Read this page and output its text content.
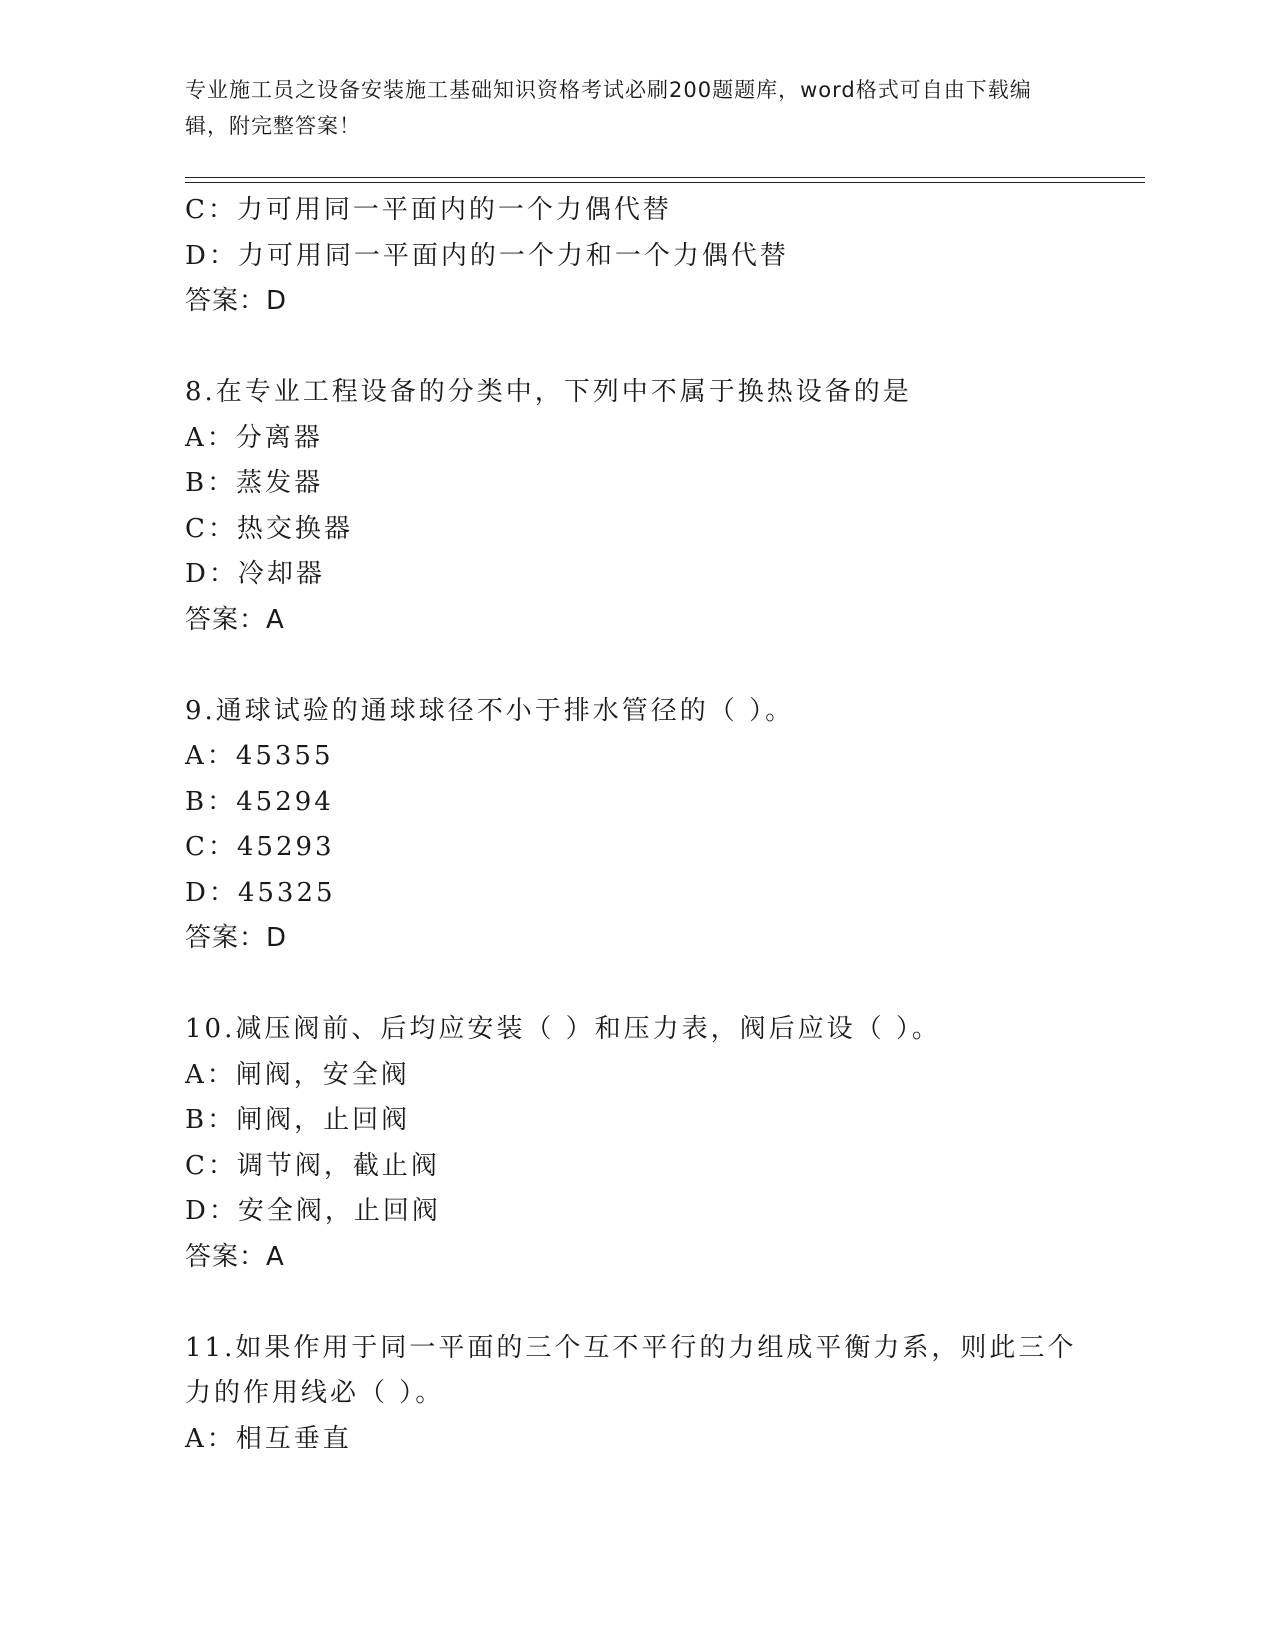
专业施工员之设备安装施工基础知识资格考试必刷200题题库，word格式可自由下载编辑，附完整答案！
C：力可用同一平面内的一个力偶代替
D：力可用同一平面内的一个力和一个力偶代替
答案：D
8.在专业工程设备的分类中，下列中不属于换热设备的是
A：分离器
B：蒸发器
C：热交换器
D：冷却器
答案：A
9.通球试验的通球球径不小于排水管径的（ ）。
A：45355
B：45294
C：45293
D：45325
答案：D
10.减压阀前、后均应安装（ ）和压力表，阀后应设（ ）。
A：闸阀，安全阀
B：闸阀，止回阀
C：调节阀，截止阀
D：安全阀，止回阀
答案：A
11.如果作用于同一平面的三个互不平行的力组成平衡力系，则此三个力的作用线必（ ）。
A：相互垂直
